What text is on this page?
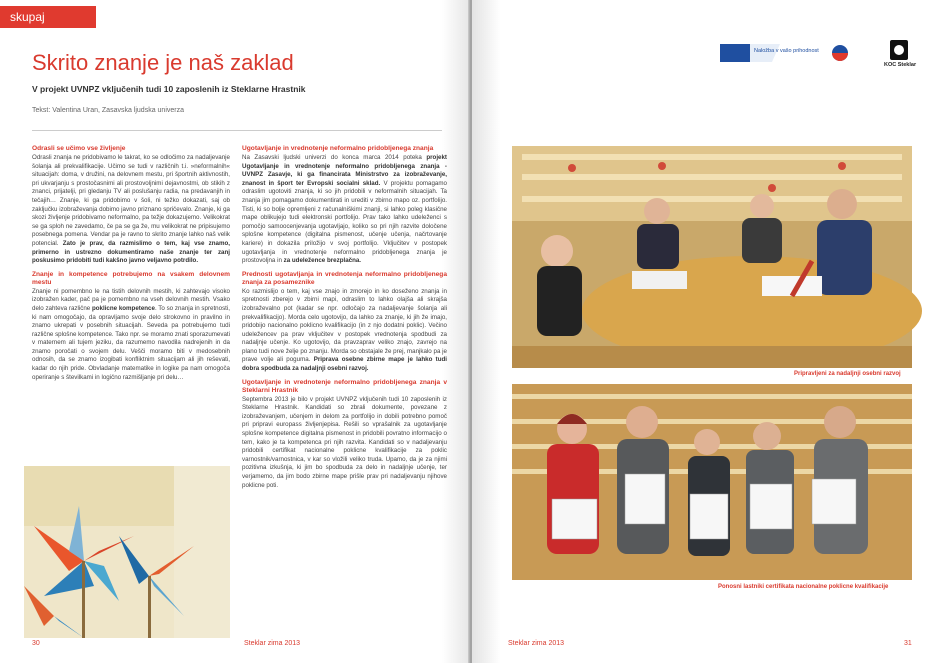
skupaj ustvarjamo
Skrito znanje je naš zaklad
V projekt UVNPZ vključenih tudi 10 zaposlenih iz Steklarne Hrastnik
Tekst: Valentina Uran, Zasavska ljudska univerza
Odrasli se učimo vse življenje

Odrasli znanja ne pridobivamo le takrat, ko se odločimo za nadaljevanje šolanja ali prekvalifikacije. Učimo se tudi v različnih t.i. »neformalnih« situacijah: doma, v družini, na delovnem mestu, pri športnih aktivnostih, pri ukvarjanju s prostočasnimi ali prostovoljnimi dejavnostmi, ob stikih z znanci, prijatelji, pri gledanju TV ali poslušanju radia, na predavanjih in tečajih… Znanje, ki ga pridobimo v šoli, ni težko dokazati, saj ob zaključku izobraževanja dobimo javno priznano spričevalo. Znanje, ki ga skozi življenje pridobivamo neformalno, pa težje dokazujemo. Velikokrat se ga sploh ne zavedamo, če pa se ga že, mu velikokrat ne pripisujemo posebnega pomena. Vendar pa je ravno to skrito znanje lahko naš velik potencial. Zato je prav, da razmislimo o tem, kaj vse znamo, primerno in ustrezno dokumentiramo naše znanje ter zanj poskusimo pridobiti tudi kakšno javno veljavno potrdilo.

Znanje in kompetence potrebujemo na vsakem delovnem mestu

Znanje ni pomembno le na tistih delovnih mestih, ki zahtevajo visoko izobražen kader, pač pa je pomembno na vseh delovnih mestih. Vsako delo zahteva različne poklicne kompetence. To so znanja in spretnosti, ki nam omogočajo, da opravljamo svoje delo strokovno in pravilno in znamo ukrepati v posebnih situacijah. Seveda pa potrebujemo tudi različne splošne kompetence. Tako npr. se moramo znati sporazumevati v maternem ali tujem jeziku, da razumemo navodila nadrejenih in da znamo poročati o svojem delu. Vešči moramo biti v medosebnih odnosih, da se znamo izogibati konfliktnim situacijam ali jih reševati, kadar do njih pride. Obvladanje matematike in logike pa nam omogoča operiranje s številkami in logično razmišljanje pri delu…

30	Steklar zima 2013
Ugotavljanje in vrednotenje neformalno pridobljenega znanja

Na Zasavski ljudski univerzi do konca marca 2014 poteka projekt Ugotavljanje in vrednotenje neformalno pridobljenega znanja - UVNPZ Zasavje, ki ga financirata Ministrstvo za izobraževanje, znanost in šport ter Evropski socialni sklad. V projektu pomagamo odraslim ugotoviti znanja, ki so jih pridobili v neformalnih situacijah. Ta znanja jim pomagamo dokumentirati in urediti v zbirno mapo oz. portfolijo. Tisti, ki so bolje opremljeni z računalniškimi znanji, si lahko poleg klasične mape oblikujejo tudi elektronski portfolijo. Prav tako lahko udeleženci s pomočjo samoocenjevanja ugotavljajo, koliko so pri njih razvite določene splošne kompetence (digitalna pismenost, učenje učenja, načrtovanje kariere) in dokazila priložijo v svoj portfolijo. Vključitev v postopek ugotavljanja in vrednotenje neformalno pridobljenega znanja je prostovoljna in za udeležence brezplačna.

Prednosti ugotavljanja in vrednotenja neformalno pridobljenega znanja za posameznike

Ko razmislijo o tem, kaj vse znajo in zmorejo in ko doseženo znanja in spretnosti zberejo v zbirni mapi, odraslim to lahko olajša ali skrajša izobraževalno pot (kadar se npr. odločajo za nadaljevanje šolanja ali prekvalifikacijo). Morda celo ugotovijo, da lahko za znanje, ki jih že imajo, pridobijo nacionalno poklicno kvalifikacijo (in z njo dodatni poklic). Večino udeležencev pa prav vključitev v postopek vrednotenja spodbudi za nadaljnje učenje. Ko ugotovijo, da pravzaprav veliko znajo, zavrejo na plano tudi nove želje po znanju. Morda so obstajale že prej, manjkalo pa je prave volje ali poguma. Priprava osebne zbirne mape je lahko tudi dobra spodbuda za nadaljnji osebni razvoj.

Ugotavljanje in vrednotenje neformalno pridobljenega znanja v Steklarni Hrastnik

Septembra 2013 je bilo v projekt UVNPZ vključenih tudi 10 zaposlenih iz Steklarne Hrastnik. Kandidati so zbrali dokumente, povezane z izobraževanjem, učenjem in delom za portfolijo in dobili potrebno pomoč pri pripravi europass življenjepisa. Rešili so vprašalnik za ugotavljanje splošne kompetence digitalna pismenost in pridobili povratno informacijo o tem, kako je ta kompetenca pri njih razvita. Kandidati so v nadaljevanju pridobili certifikat nacionalne poklicne kvalifikacije za poklic varnostnik/varnostnica, v kar so vložili veliko truda. Upamo, da je za njimi pozitivna izkušnja, ki jim bo spodbuda za delo in nadaljnje učenje, ter verjamemo, da jim bodo zbirne mape prišle prav pri nadaljevanju njihove poklicne poti.

Naložba v vašo prihodnost
KOC Steklar
Pripravljeni za nadaljnji osebni razvoj
Ponosni lastniki certifikata nacionalne poklicne kvalifikacije
Steklar zima 2013	31
